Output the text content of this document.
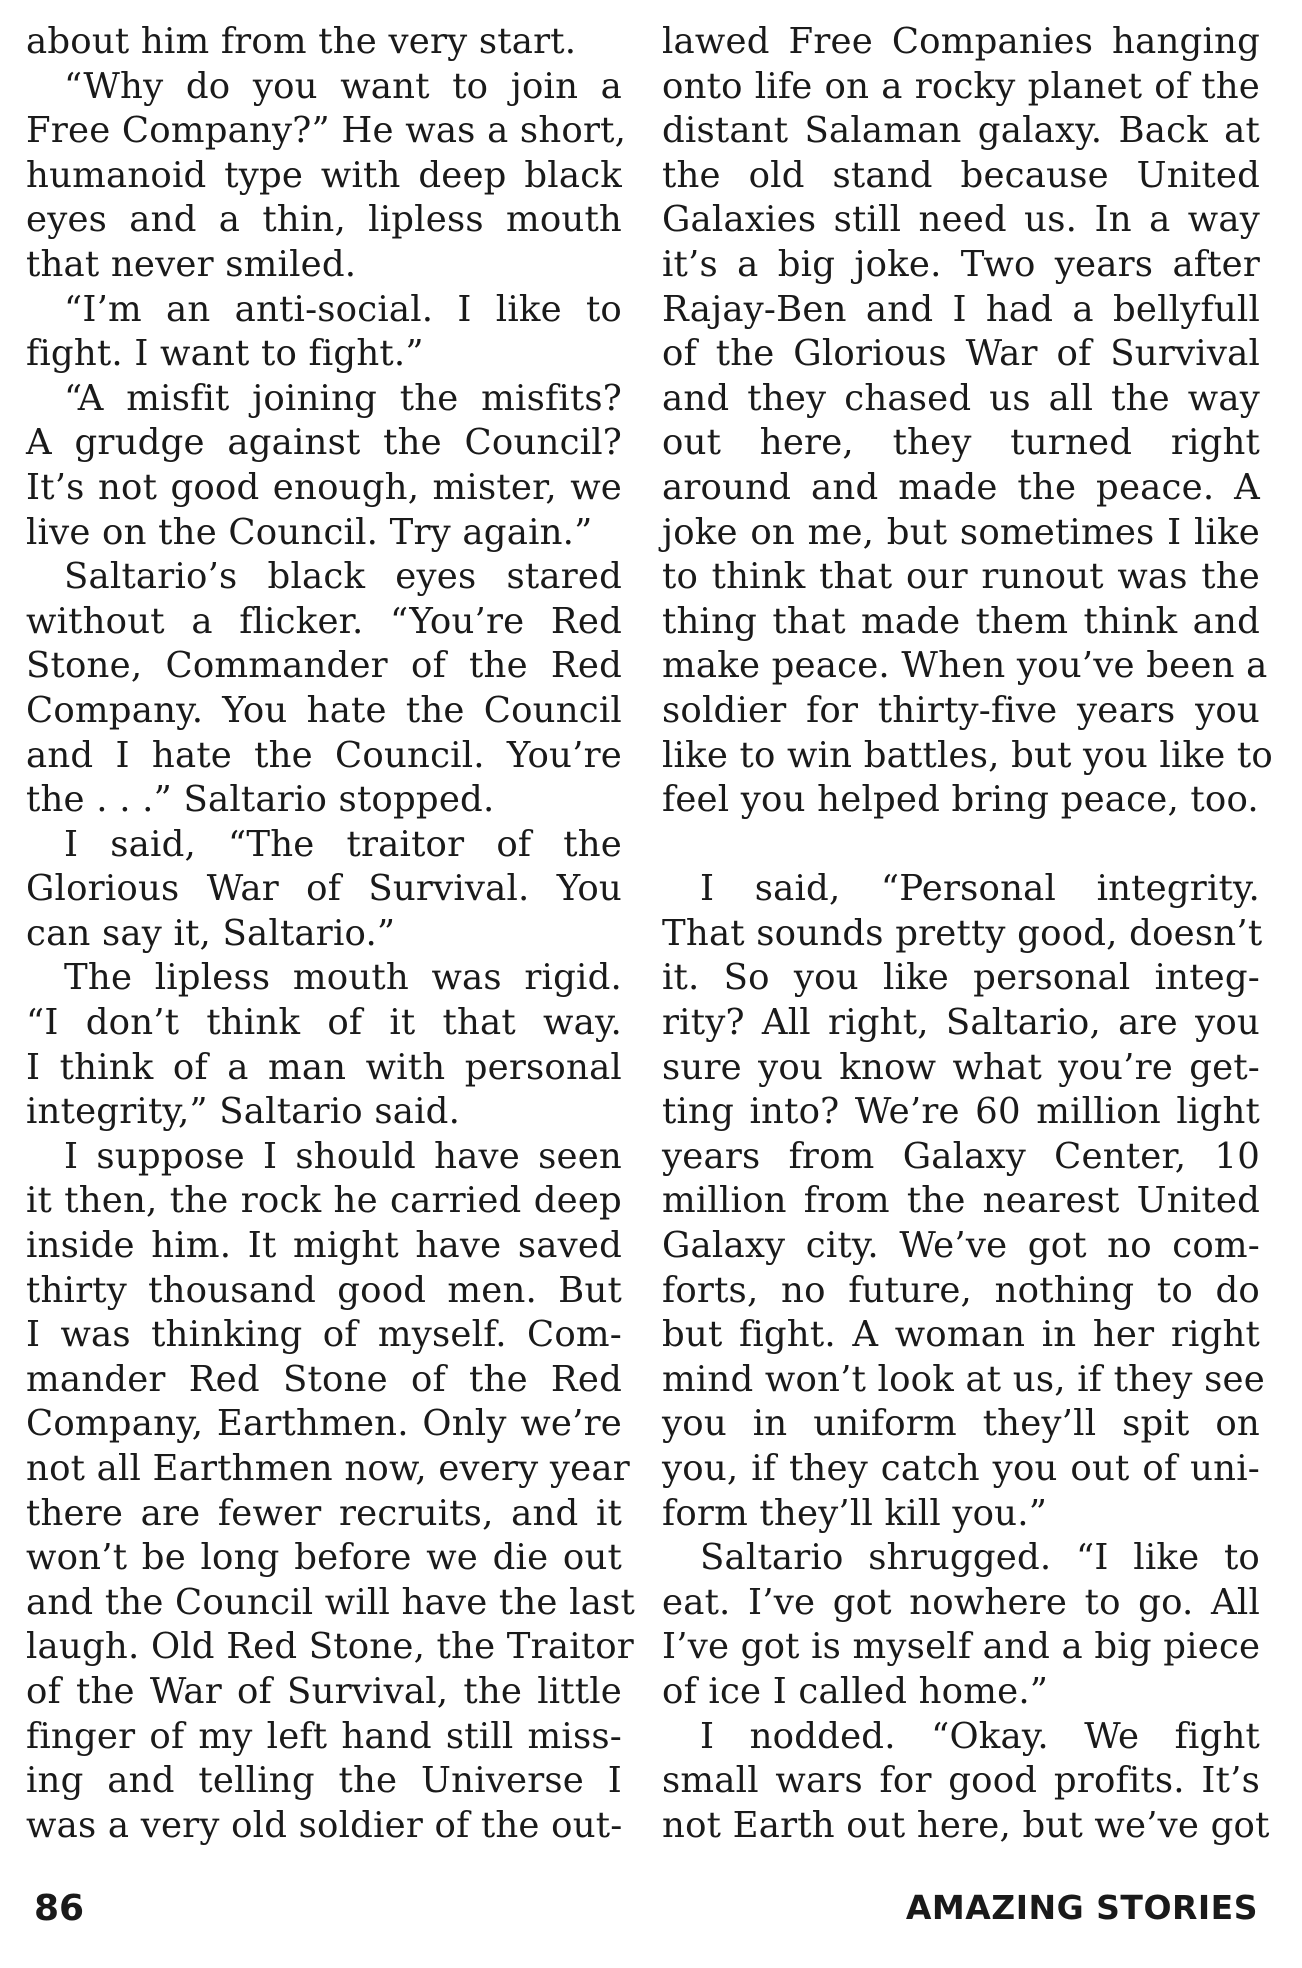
about him from the very start.
“Why do you want to join a
Free Company?” He was a short,
humanoid type with deep black
eyes and a thin, lipless mouth
that never smiled.
“I’m an anti-social. I like to
fight. I want to fight.”
“A misfit joining the misfits?
A grudge against the Council?
It’s not good enough, mister, we
live on the Council. Try again.”
Saltario’s black eyes stared
without a flicker. “You’re Red
Stone, Commander of the Red
Company. You hate the Council
and I hate the Council. You’re
the . . .” Saltario stopped.
I said, “The traitor of the
Glorious War of Survival. You
can say it, Saltario.”
The lipless mouth was rigid.
“I don’t think of it that way.
I think of a man with personal
integrity,” Saltario said.
I suppose I should have seen
it then, the rock he carried deep
inside him. It might have saved
thirty thousand good men. But
I was thinking of myself. Com-
mander Red Stone of the Red
Company, Earthmen. Only we’re
not all Earthmen now, every year
there are fewer recruits, and it
won’t be long before we die out
and the Council will have the last
laugh. Old Red Stone, the Traitor
of the War of Survival, the little
finger of my left hand still miss-
ing and telling the Universe I
was a very old soldier of the out-
lawed Free Companies hanging
onto life on a rocky planet of the
distant Salaman galaxy. Back at
the old stand because United
Galaxies still need us. In a way
it’s a big joke. Two years after
Rajay-Ben and I had a bellyfull
of the Glorious War of Survival
and they chased us all the way
out here, they turned right
around and made the peace. A
joke on me, but sometimes I like
to think that our runout was the
thing that made them think and
make peace. When you’ve been a
soldier for thirty-five years you
like to win battles, but you like to
feel you helped bring peace, too.
I said, “Personal integrity.
That sounds pretty good, doesn’t
it. So you like personal integ-
rity? All right, Saltario, are you
sure you know what you’re get-
ting into? We’re 60 million light
years from Galaxy Center, 10
million from the nearest United
Galaxy city. We’ve got no com-
forts, no future, nothing to do
but fight. A woman in her right
mind won’t look at us, if they see
you in uniform they’ll spit on
you, if they catch you out of uni-
form they’ll kill you.”
Saltario shrugged. “I like to
eat. I’ve got nowhere to go. All
I’ve got is myself and a big piece
of ice I called home.”
I nodded. “Okay. We fight
small wars for good profits. It’s
not Earth out here, but we’ve got
86	AMAZING STORIES
